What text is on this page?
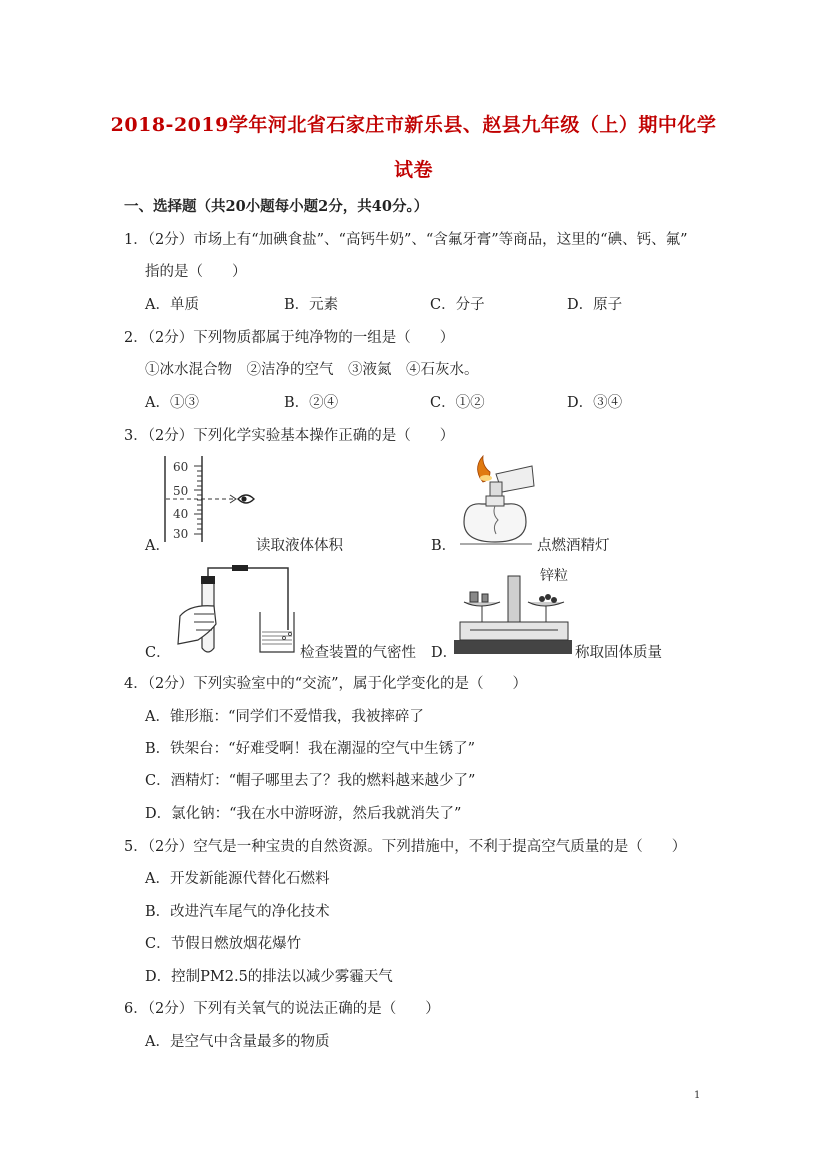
2018-2019学年河北省石家庄市新乐县、赵县九年级（上）期中化学
试卷
一、选择题（共20小题每小题2分，共40分。）
1．（2分）市场上有“加碘食盐”、“高钙牛奶”、“含氟牙膏”等商品，这里的“碘、钙、氟”
指的是（　　）
A．单质	B．元素	C．分子	D．原子
2．（2分）下列物质都属于纯净物的一组是（　　）
①冰水混合物　②洁净的空气　③液氮　④石灰水。
A．①③	B．②④	C．①②	D．③④
3．（2分）下列化学实验基本操作正确的是（　　）
60
50
40
30
A．	读取液体体积	B．	点燃酒精灯
C．	检查装置的气密性
锌粒
D．	称取固体质量
4．（2分）下列实验室中的“交流”，属于化学变化的是（　　）
A．锥形瓶：“同学们不爱惜我，我被摔碎了
B．铁架台：“好难受啊！我在潮湿的空气中生锈了”
C．酒精灯：“帽子哪里去了？我的燃料越来越少了”
D．氯化钠：“我在水中游呀游，然后我就消失了”
5．（2分）空气是一种宝贵的自然资源。下列措施中，不利于提高空气质量的是（　　）
A．开发新能源代替化石燃料
B．改进汽车尾气的净化技术
C．节假日燃放烟花爆竹
D．控制PM2.5的排法以减少雾霾天气
6．（2分）下列有关氧气的说法正确的是（　　）
A．是空气中含量最多的物质
1
